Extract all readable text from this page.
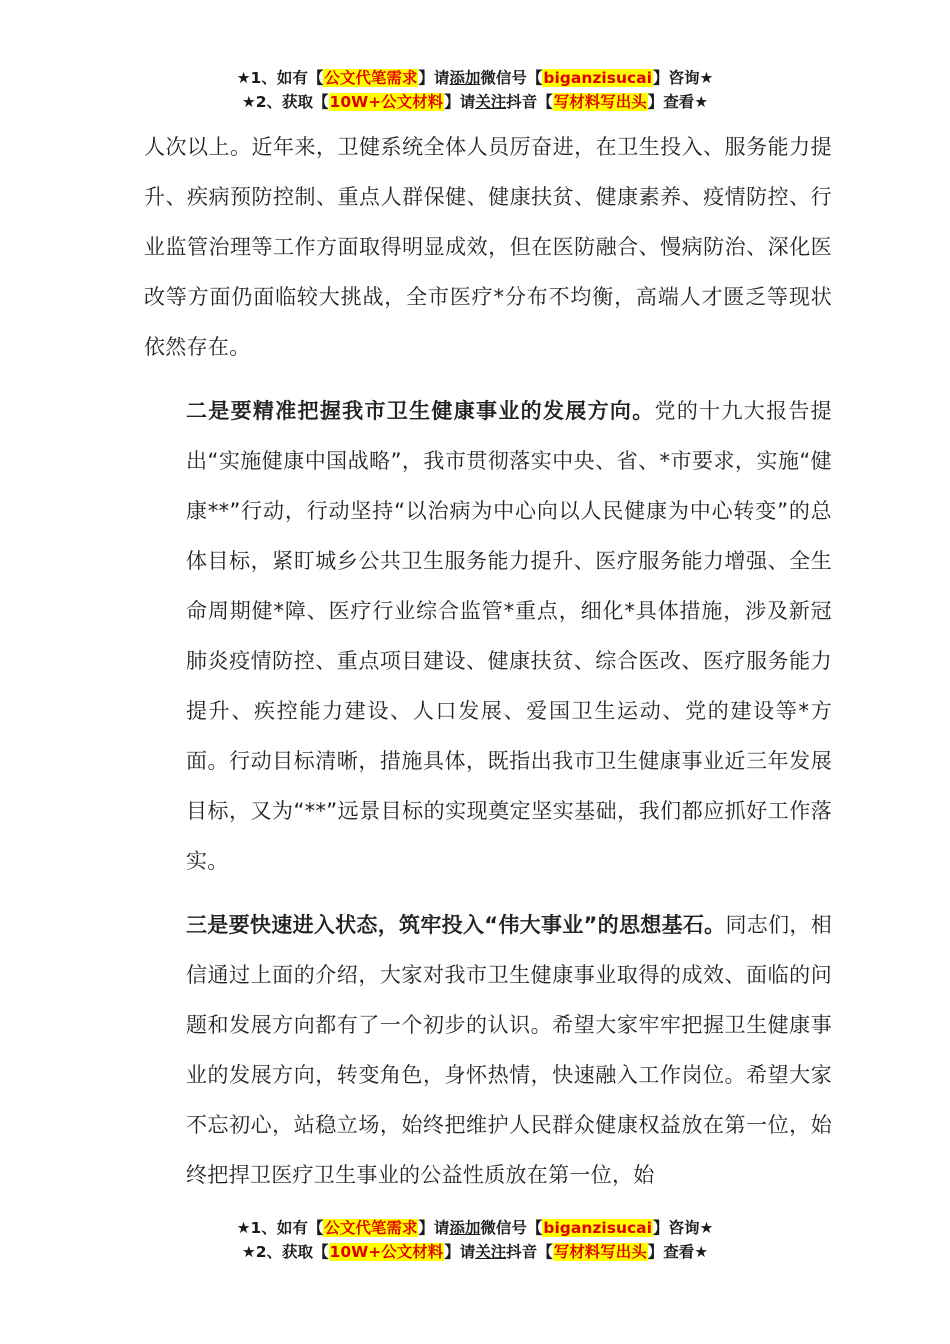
★1、如有【公文代笔需求】请添加微信号【biganzisucai】咨询★
★2、获取【10W+公文材料】请关注抖音【写材料写出头】查看★

人次以上。近年来，卫健系统全体人员厉奋进，在卫生投入、服务能力提升、疾病预防控制、重点人群保健、健康扶贫、健康素养、疫情防控、行业监管治理等工作方面取得明显成效，但在医防融合、慢病防治、深化医改等方面仍面临较大挑战，全市医疗*分布不均衡，高端人才匮乏等现状依然存在。

二是要精准把握我市卫生健康事业的发展方向。党的十九大报告提出“实施健康中国战略”，我市贯彻落实中央、省、*市要求，实施“健康**”行动，行动坚持“以治病为中心向以人民健康为中心转变”的总体目标，紧盯城乡公共卫生服务能力提升、医疗服务能力增强、全生命周期健*障、医疗行业综合监管*重点，细化*具体措施，涉及新冠肺炎疫情防控、重点项目建设、健康扶贫、综合医改、医疗服务能力提升、疾控能力建设、人口发展、爱国卫生运动、党的建设等*方面。行动目标清晰，措施具体，既指出我市卫生健康事业近三年发展目标，又为“**”远景目标的实现奠定坚实基础，我们都应抓好工作落实。

三是要快速进入状态，筑牢投入“伟大事业”的思想基石。同志们，相信通过上面的介绍，大家对我市卫生健康事业取得的成效、面临的问题和发展方向都有了一个初步的认识。希望大家牢牢把握卫生健康事业的发展方向，转变角色，身怀热情，快速融入工作岗位。希望大家不忘初心，站稳立场，始终把维护人民群众健康权益放在第一位，始终把捍卫医疗卫生事业的公益性质放在第一位，始

★1、如有【公文代笔需求】请添加微信号【biganzisucai】咨询★
★2、获取【10W+公文材料】请关注抖音【写材料写出头】查看★
